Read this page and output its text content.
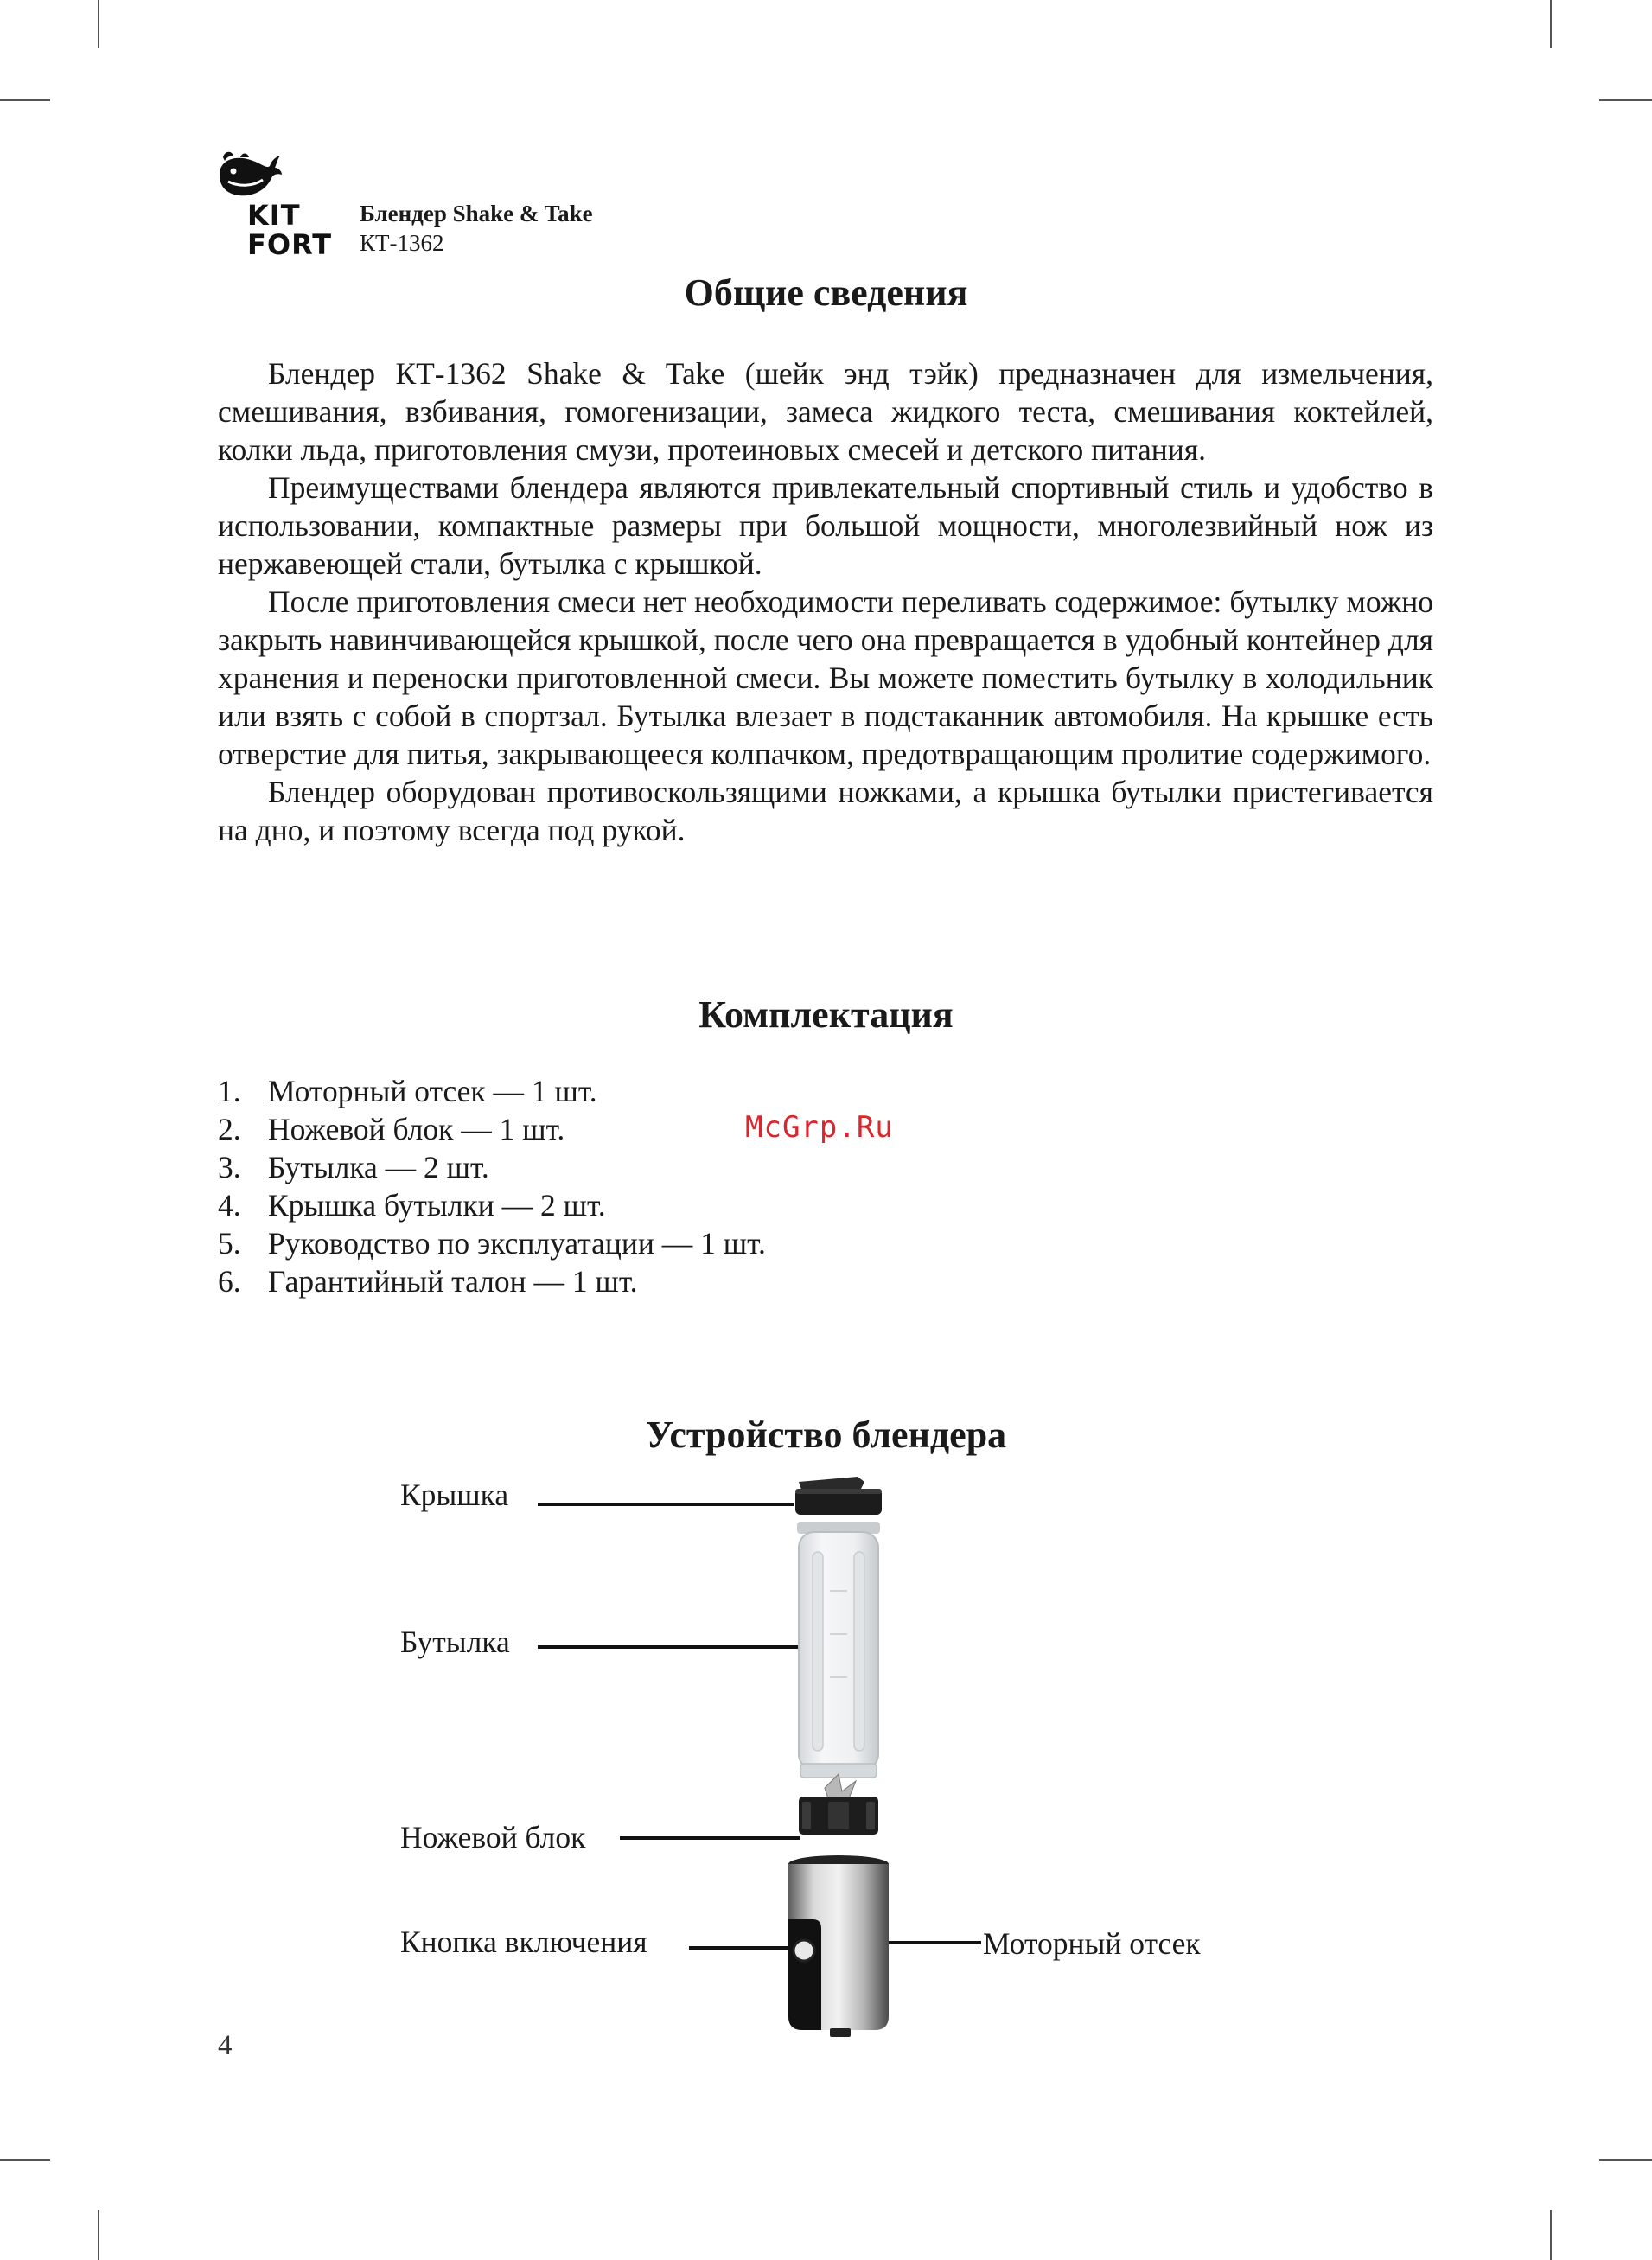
KIT
FORT
Блендер Shake & Take
КТ-1362
Общие сведения

Блендер КТ-1362 Shake & Take (шейк энд тэйк) предназначен для измельчения, смешивания, взбивания, гомогенизации, замеса жидкого теста, смешивания коктейлей, колки льда, приготовления смузи, протеиновых смесей и детского питания.

Преимуществами блендера являются привлекательный спортивный стиль и удобство в использовании, компактные размеры при большой мощности, многолезвийный нож из нержавеющей стали, бутылка с крышкой.

После приготовления смеси нет необходимости переливать содержимое: бутылку можно закрыть навинчивающейся крышкой, после чего она превращается в удобный контейнер для хранения и переноски приготовленной смеси. Вы можете поместить бутылку в холодильник или взять с собой в спортзал. Бутылка влезает в подстаканник автомобиля. На крышке есть отверстие для питья, закрывающееся колпачком, предотвращающим пролитие содержимого.

Блендер оборудован противоскользящими ножками, а крышка бутылки пристегивается на дно, и поэтому всегда под рукой.

Комплектация
1. Моторный отсек — 1 шт.
2. Ножевой блок — 1 шт.
3. Бутылка — 2 шт.
4. Крышка бутылки — 2 шт.
5. Руководство по эксплуатации — 1 шт.
6. Гарантийный талон — 1 шт.
McGrp.Ru
Устройство блендера
Крышка
Бутылка
Ножевой блок
Кнопка включения	Моторный отсек
4
